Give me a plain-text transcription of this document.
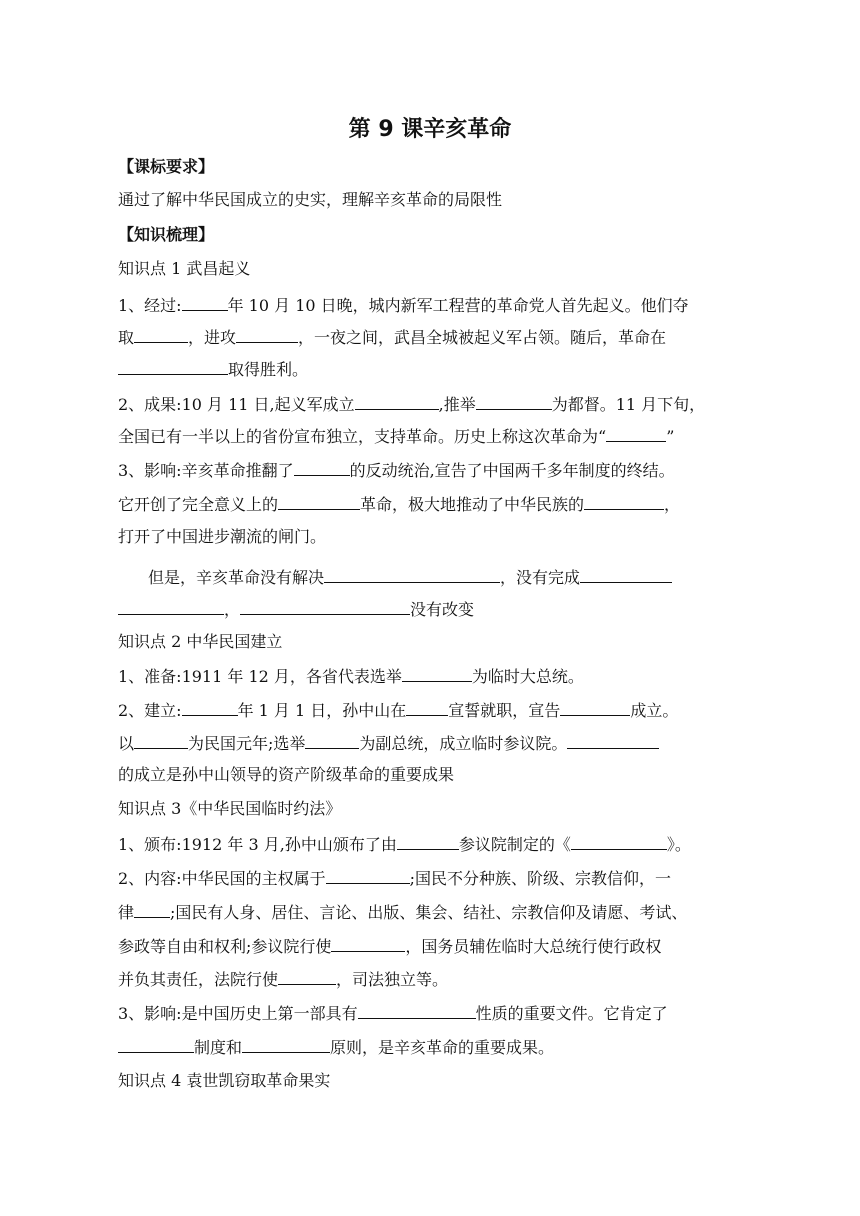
第 9 课辛亥革命
【课标要求】
通过了解中华民国成立的史实，理解辛亥革命的局限性
【知识梳理】
知识点 1 武昌起义
1、经过:	年 10 月 10 日晚，城内新军工程营的革命党人首先起义。他们夺
取	，进攻	，一夜之间，武昌全城被起义军占领。随后，革命在
取得胜利。
2、成果:10 月 11 日,起义军成立	,推举	为都督。11 月下旬，
全国已有一半以上的省份宣布独立，支持革命。历史上称这次革命为“	”
3、影响:辛亥革命推翻了	的反动统治,宣告了中国两千多年制度的终结。
它开创了完全意义上的	革命，极大地推动了中华民族的	，
打开了中国进步潮流的闸门。
但是，辛亥革命没有解决	，没有完成
，	没有改变
知识点 2 中华民国建立
1、准备:1911 年 12 月，各省代表选举	为临时大总统。
2、建立:	年 1 月 1 日，孙中山在	宣誓就职，宣告	成立。
以	为民国元年;选举	为副总统，成立临时参议院。
的成立是孙中山领导的资产阶级革命的重要成果
知识点 3《中华民国临时约法》
1、颁布:1912 年 3 月,孙中山颁布了由	参议院制定的《	》。
2、内容:中华民国的主权属于	;国民不分种族、阶级、宗教信仰，一
律 ;国民有人身、居住、言论、出版、集会、结社、宗教信仰及请愿、考试、
参政等自由和权利;参议院行使	，国务员辅佐临时大总统行使行政权
并负其责任，法院行使	，司法独立等。
3、影响:是中国历史上第一部具有	性质的重要文件。它肯定了
制度和	原则，是辛亥革命的重要成果。
知识点 4 袁世凯窃取革命果实
